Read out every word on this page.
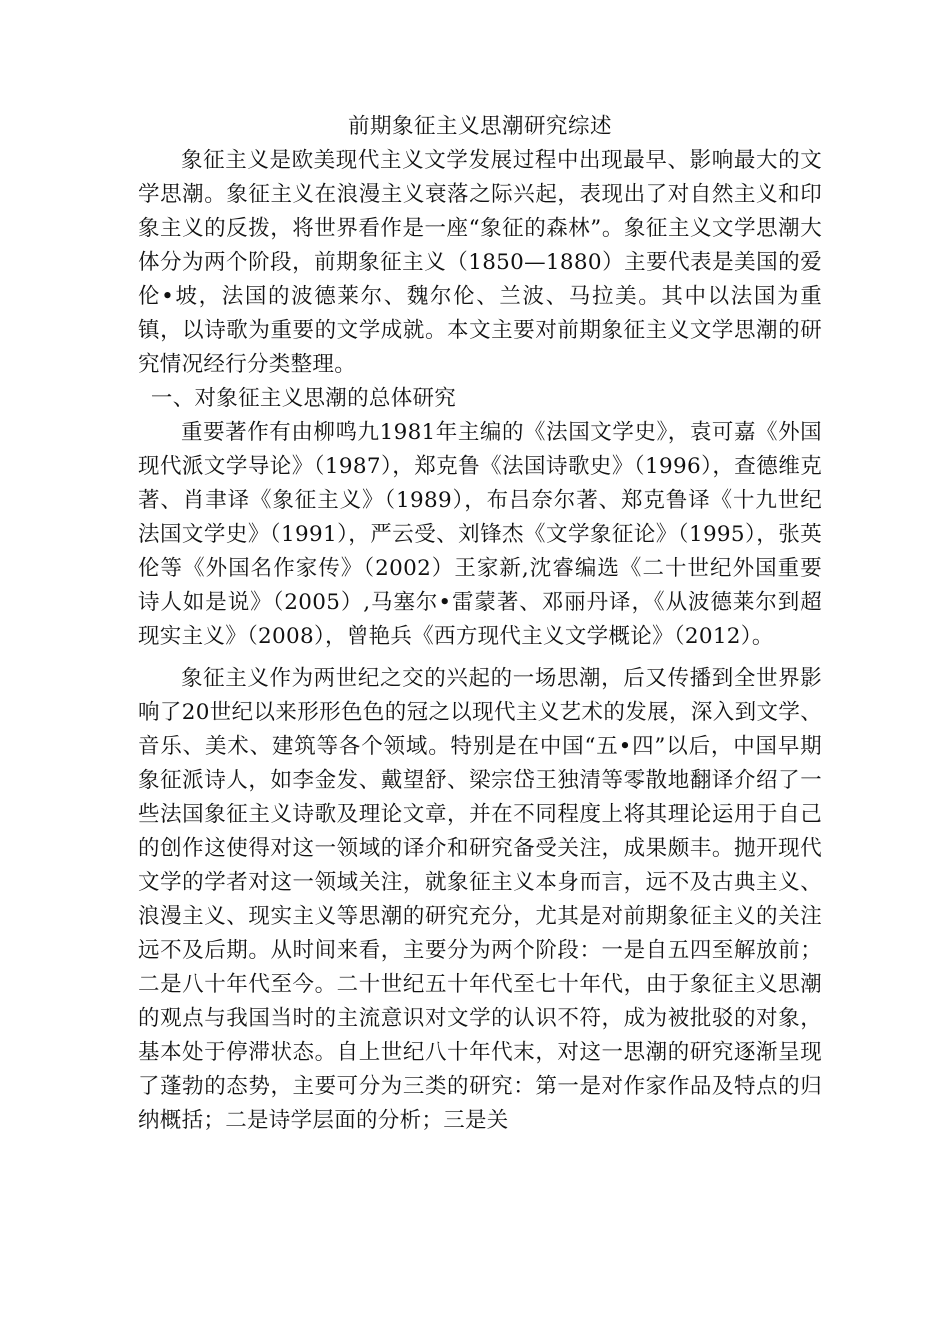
前期象征主义思潮研究综述

象征主义是欧美现代主义文学发展过程中出现最早、影响最大的文学思潮。象征主义在浪漫主义衰落之际兴起，表现出了对自然主义和印象主义的反拨，将世界看作是一座“象征的森林”。象征主义文学思潮大体分为两个阶段，前期象征主义（1850—1880）主要代表是美国的爱伦•坡，法国的波德莱尔、魏尔伦、兰波、马拉美。其中以法国为重镇，以诗歌为重要的文学成就。本文主要对前期象征主义文学思潮的研究情况经行分类整理。

一、对象征主义思潮的总体研究

重要著作有由柳鸣九1981年主编的《法国文学史》，袁可嘉《外国现代派文学导论》（1987），郑克鲁《法国诗歌史》（1996），查德维克著、肖聿译《象征主义》（1989），布吕奈尔著、郑克鲁译《十九世纪法国文学史》（1991），严云受、刘锋杰《文学象征论》（1995），张英伦等《外国名作家传》（2002）王家新,沈睿编选《二十世纪外国重要诗人如是说》（2005）,马塞尔•雷蒙著、邓丽丹译，《从波德莱尔到超现实主义》（2008），曾艳兵《西方现代主义文学概论》（2012）。

象征主义作为两世纪之交的兴起的一场思潮，后又传播到全世界影响了20世纪以来形形色色的冠之以现代主义艺术的发展，深入到文学、音乐、美术、建筑等各个领域。特别是在中国“五•四”以后，中国早期象征派诗人，如李金发、戴望舒、梁宗岱王独清等零散地翻译介绍了一些法国象征主义诗歌及理论文章，并在不同程度上将其理论运用于自己的创作这使得对这一领域的译介和研究备受关注，成果颇丰。抛开现代文学的学者对这一领域关注，就象征主义本身而言，远不及古典主义、浪漫主义、现实主义等思潮的研究充分，尤其是对前期象征主义的关注远不及后期。从时间来看，主要分为两个阶段：一是自五四至解放前；二是八十年代至今。二十世纪五十年代至七十年代，由于象征主义思潮的观点与我国当时的主流意识对文学的认识不符，成为被批驳的对象，基本处于停滞状态。自上世纪八十年代末，对这一思潮的研究逐渐呈现了蓬勃的态势，主要可分为三类的研究：第一是对作家作品及特点的归纳概括；二是诗学层面的分析；三是关
